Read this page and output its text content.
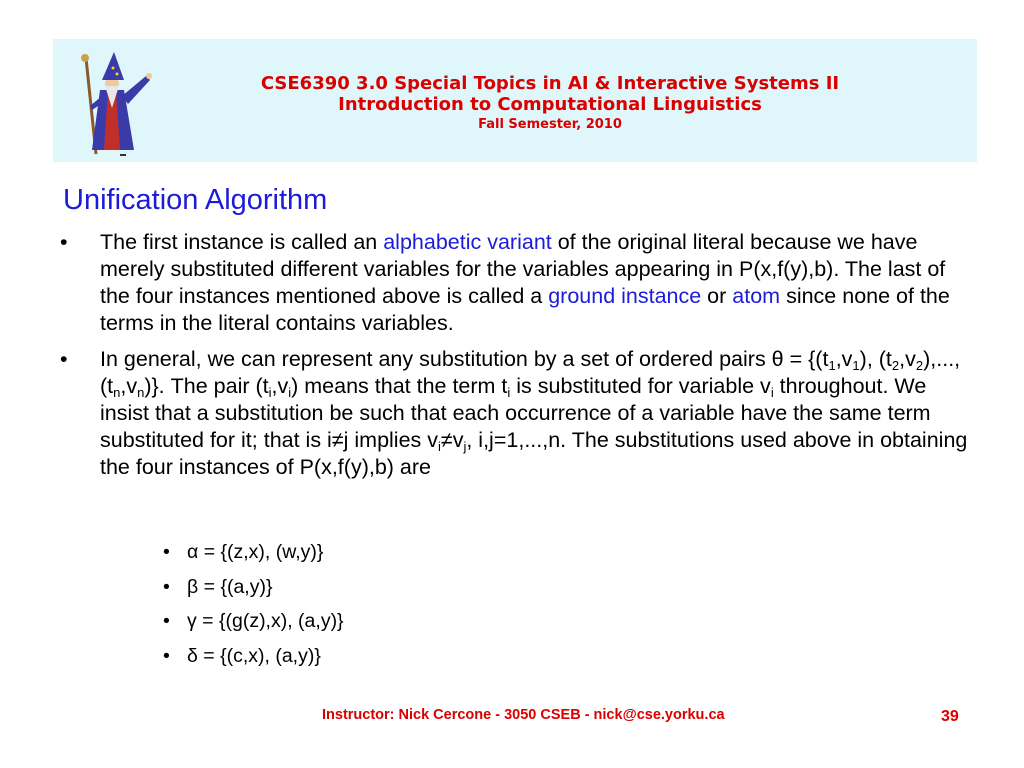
CSE6390 3.0 Special Topics in AI & Interactive Systems II
Introduction to Computational Linguistics
Fall Semester, 2010
Unification Algorithm
• The first instance is called an alphabetic variant of the original literal because we have merely substituted different variables for the variables appearing in P(x,f(y),b). The last of the four instances mentioned above is called a ground instance or atom since none of the terms in the literal contains variables.
• In general, we can represent any substitution by a set of ordered pairs $\theta = \{(t_1,v_1)$, $(t_2,v_2)$,..., $(t_n,v_n)$}. The pair $(t_i,v_i)$ means that the term $t_i$ is substituted for variable $v_i$ throughout. We insist that a substitution be such that each occurrence of a variable have the same term substituted for it; that is i≠j implies $v_i\ne v_j$, i,j=1,...,n. The substitutions used above in obtaining the four instances of P(x,f(y),b) are
• α = {(z,x), (w,y)}
• β = {(a,y)}
• γ = {(g(z),x), (a,y)}
• δ = {(c,x), (a,y)}
Instructor: Nick Cercone - 3050 CSEB - nick@cse.yorku.ca	39
